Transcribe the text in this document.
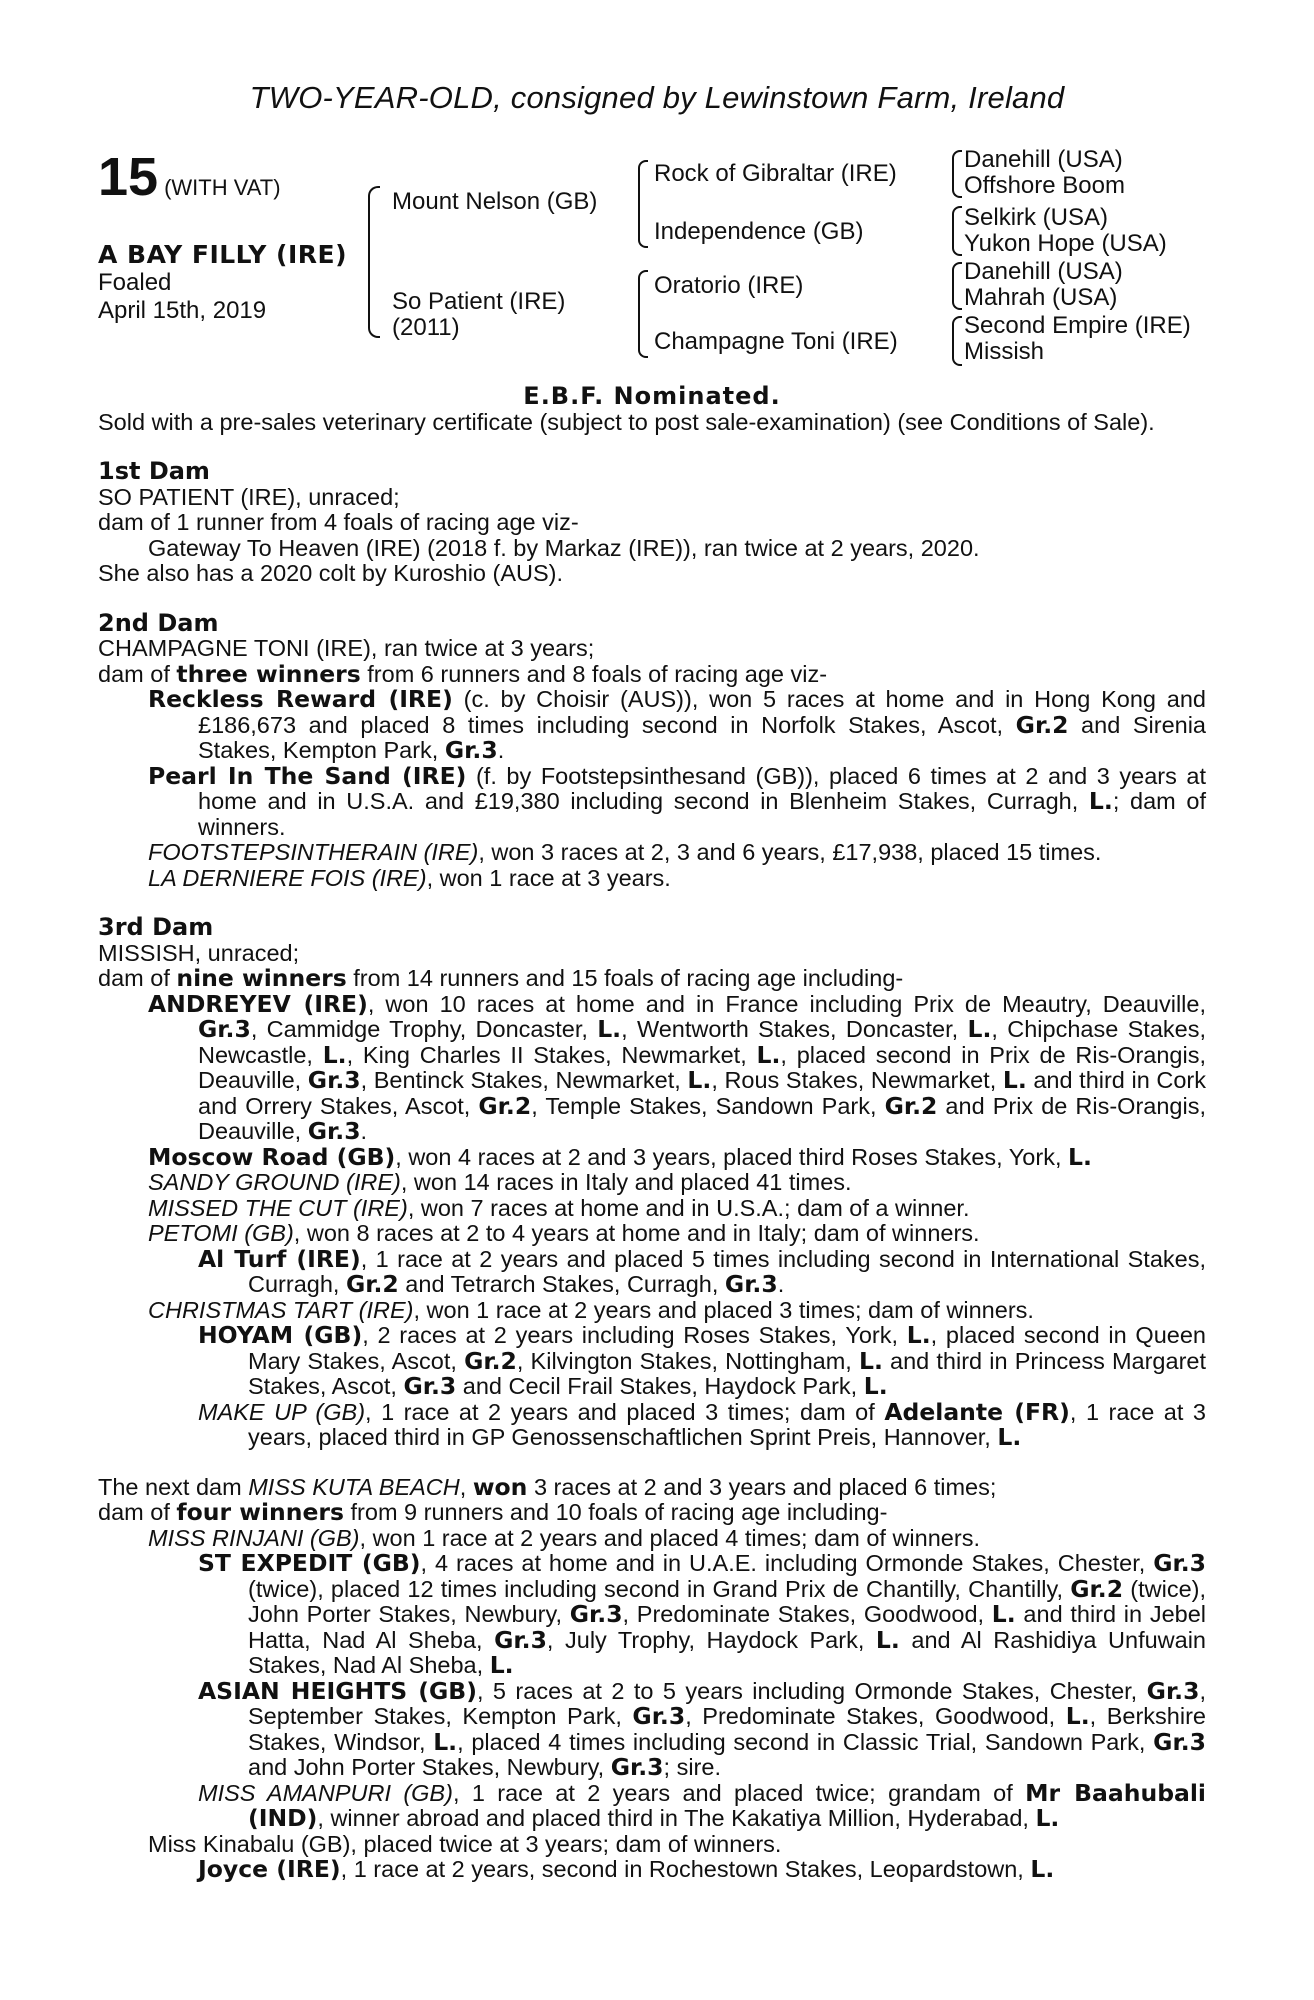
TWO-YEAR-OLD, consigned by Lewinstown Farm, Ireland
15 (WITH VAT)
A BAY FILLY (IRE)
Foaled
April 15th, 2019
Mount Nelson (GB)
So Patient (IRE)
(2011)
Rock of Gibraltar (IRE)
Independence (GB)
Oratorio (IRE)
Champagne Toni (IRE)
Danehill (USA)
Offshore Boom
Selkirk (USA)
Yukon Hope (USA)
Danehill (USA)
Mahrah (USA)
Second Empire (IRE)
Missish
E.B.F. Nominated.

Sold with a pre-sales veterinary certificate (subject to post sale-examination) (see Conditions of Sale).

1st Dam

SO PATIENT (IRE), unraced;

dam of 1 runner from 4 foals of racing age viz-

Gateway To Heaven (IRE) (2018 f. by Markaz (IRE)), ran twice at 2 years, 2020.

She also has a 2020 colt by Kuroshio (AUS).

2nd Dam

CHAMPAGNE TONI (IRE), ran twice at 3 years;

dam of three winners from 6 runners and 8 foals of racing age viz-

Reckless Reward (IRE) (c. by Choisir (AUS)), won 5 races at home and in Hong Kong and £186,673 and placed 8 times including second in Norfolk Stakes, Ascot, Gr.2 and Sirenia Stakes, Kempton Park, Gr.3.

Pearl In The Sand (IRE) (f. by Footstepsinthesand (GB)), placed 6 times at 2 and 3 years at home and in U.S.A. and £19,380 including second in Blenheim Stakes, Curragh, L.; dam of winners.

FOOTSTEPSINTHERAIN (IRE), won 3 races at 2, 3 and 6 years, £17,938, placed 15 times.

LA DERNIERE FOIS (IRE), won 1 race at 3 years.

3rd Dam

MISSISH, unraced;

dam of nine winners from 14 runners and 15 foals of racing age including-

ANDREYEV (IRE), won 10 races at home and in France including Prix de Meautry, Deauville, Gr.3, Cammidge Trophy, Doncaster, L., Wentworth Stakes, Doncaster, L., Chipchase Stakes, Newcastle, L., King Charles II Stakes, Newmarket, L., placed second in Prix de Ris-Orangis, Deauville, Gr.3, Bentinck Stakes, Newmarket, L., Rous Stakes, Newmarket, L. and third in Cork and Orrery Stakes, Ascot, Gr.2, Temple Stakes, Sandown Park, Gr.2 and Prix de Ris-Orangis, Deauville, Gr.3.

Moscow Road (GB), won 4 races at 2 and 3 years, placed third Roses Stakes, York, L.

SANDY GROUND (IRE), won 14 races in Italy and placed 41 times.

MISSED THE CUT (IRE), won 7 races at home and in U.S.A.; dam of a winner.

PETOMI (GB), won 8 races at 2 to 4 years at home and in Italy; dam of winners.

Al Turf (IRE), 1 race at 2 years and placed 5 times including second in International Stakes, Curragh, Gr.2 and Tetrarch Stakes, Curragh, Gr.3.

CHRISTMAS TART (IRE), won 1 race at 2 years and placed 3 times; dam of winners.

HOYAM (GB), 2 races at 2 years including Roses Stakes, York, L., placed second in Queen Mary Stakes, Ascot, Gr.2, Kilvington Stakes, Nottingham, L. and third in Princess Margaret Stakes, Ascot, Gr.3 and Cecil Frail Stakes, Haydock Park, L.

MAKE UP (GB), 1 race at 2 years and placed 3 times; dam of Adelante (FR), 1 race at 3 years, placed third in GP Genossenschaftlichen Sprint Preis, Hannover, L.

The next dam MISS KUTA BEACH, won 3 races at 2 and 3 years and placed 6 times;

dam of four winners from 9 runners and 10 foals of racing age including-

MISS RINJANI (GB), won 1 race at 2 years and placed 4 times; dam of winners.

ST EXPEDIT (GB), 4 races at home and in U.A.E. including Ormonde Stakes, Chester, Gr.3 (twice), placed 12 times including second in Grand Prix de Chantilly, Chantilly, Gr.2 (twice), John Porter Stakes, Newbury, Gr.3, Predominate Stakes, Goodwood, L. and third in Jebel Hatta, Nad Al Sheba, Gr.3, July Trophy, Haydock Park, L. and Al Rashidiya Unfuwain Stakes, Nad Al Sheba, L.

ASIAN HEIGHTS (GB), 5 races at 2 to 5 years including Ormonde Stakes, Chester, Gr.3, September Stakes, Kempton Park, Gr.3, Predominate Stakes, Goodwood, L., Berkshire Stakes, Windsor, L., placed 4 times including second in Classic Trial, Sandown Park, Gr.3 and John Porter Stakes, Newbury, Gr.3; sire.

MISS AMANPURI (GB), 1 race at 2 years and placed twice; grandam of Mr Baahubali (IND), winner abroad and placed third in The Kakatiya Million, Hyderabad, L.

Miss Kinabalu (GB), placed twice at 3 years; dam of winners.

Joyce (IRE), 1 race at 2 years, second in Rochestown Stakes, Leopardstown, L.
